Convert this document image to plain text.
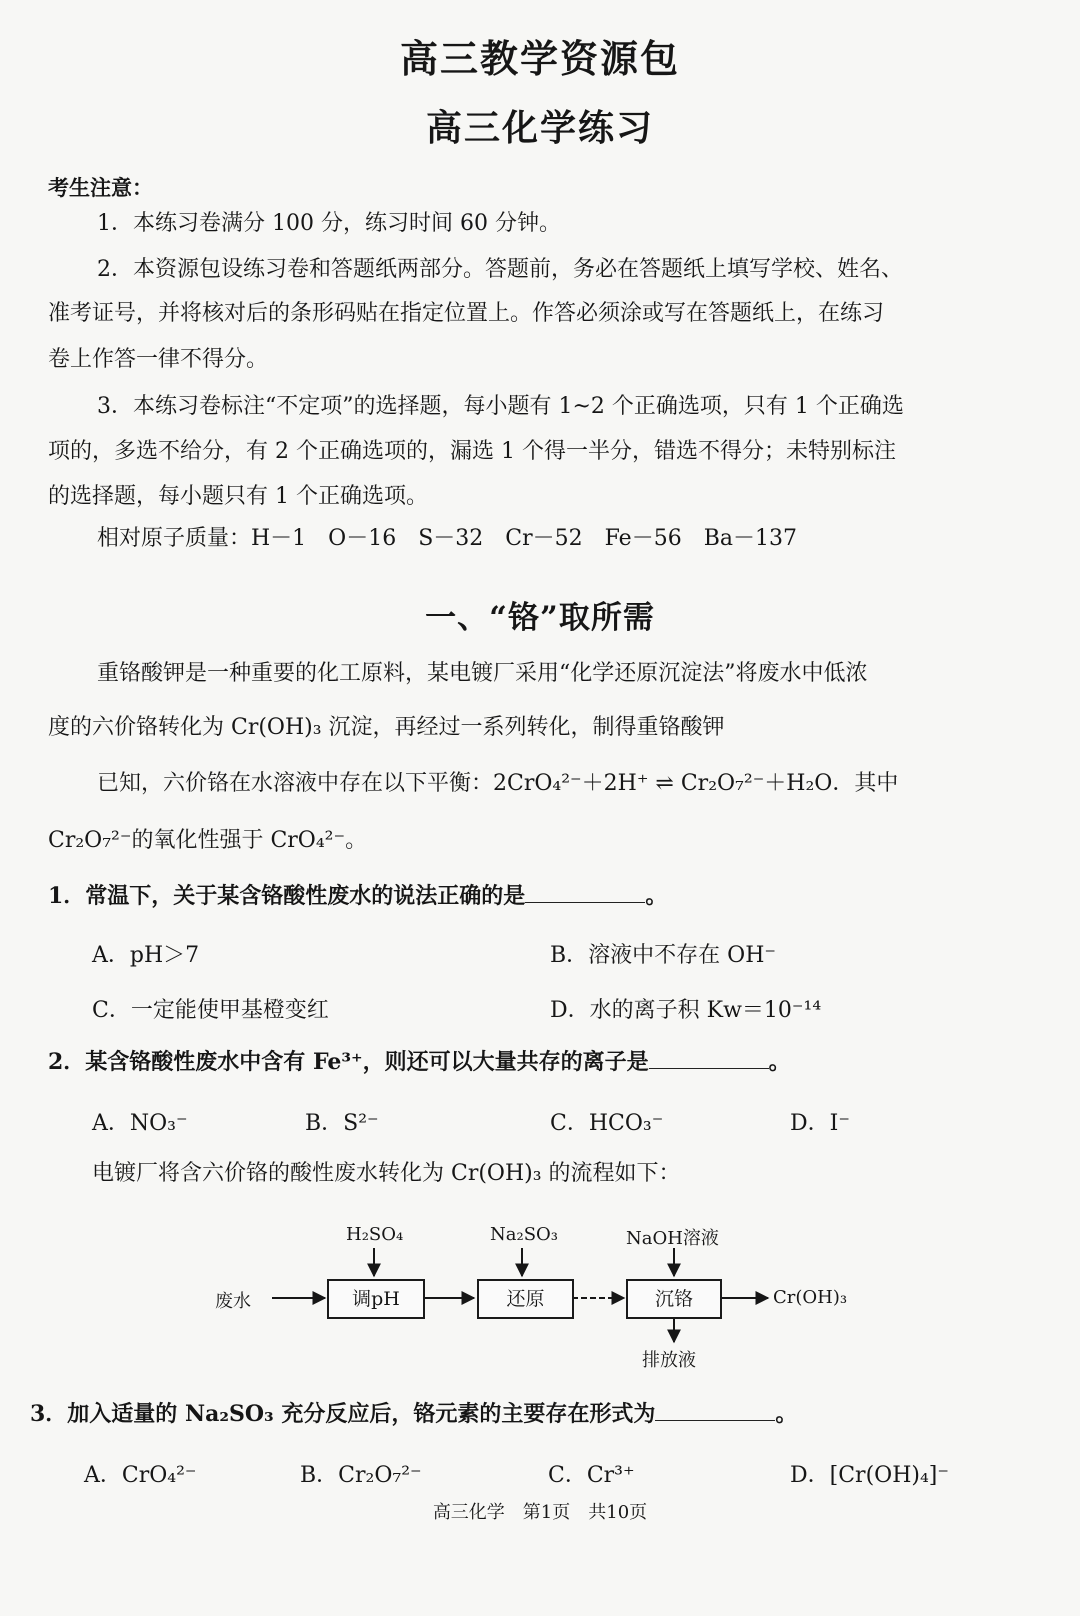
高三教学资源包
高三化学练习
考生注意：
1．本练习卷满分 100 分，练习时间 60 分钟。
2．本资源包设练习卷和答题纸两部分。答题前，务必在答题纸上填写学校、姓名、
准考证号，并将核对后的条形码贴在指定位置上。作答必须涂或写在答题纸上，在练习
卷上作答一律不得分。
3．本练习卷标注“不定项”的选择题，每小题有 1~2 个正确选项，只有 1 个正确选
项的，多选不给分，有 2 个正确选项的，漏选 1 个得一半分，错选不得分；未特别标注
的选择题，每小题只有 1 个正确选项。
相对原子质量：H－1　O－16　S－32　Cr－52　Fe－56　Ba－137
一、“铬”取所需
重铬酸钾是一种重要的化工原料，某电镀厂采用“化学还原沉淀法”将废水中低浓
度的六价铬转化为 Cr(OH)₃ 沉淀，再经过一系列转化，制得重铬酸钾
已知，六价铬在水溶液中存在以下平衡：2CrO₄²⁻＋2H⁺ ⇌ Cr₂O₇²⁻＋H₂O．其中
Cr₂O₇²⁻的氧化性强于 CrO₄²⁻。
1．常温下，关于某含铬酸性废水的说法正确的是	。
A．pH＞7	B．溶液中不存在 OH⁻
C．一定能使甲基橙变红	D．水的离子积 Kw＝10⁻¹⁴
2．某含铬酸性废水中含有 Fe³⁺，则还可以大量共存的离子是	。
A．NO₃⁻	B．S²⁻	C．HCO₃⁻	D．I⁻
电镀厂将含六价铬的酸性废水转化为 Cr(OH)₃ 的流程如下：
废水	调pH	还原	沉铬
H₂SO₄	Na₂SO₃	NaOH溶液
Cr(OH)₃
排放液
3．加入适量的 Na₂SO₃ 充分反应后，铬元素的主要存在形式为	。
A．CrO₄²⁻	B．Cr₂O₇²⁻	C．Cr³⁺	D．[Cr(OH)₄]⁻
高三化学　第1页　共10页
